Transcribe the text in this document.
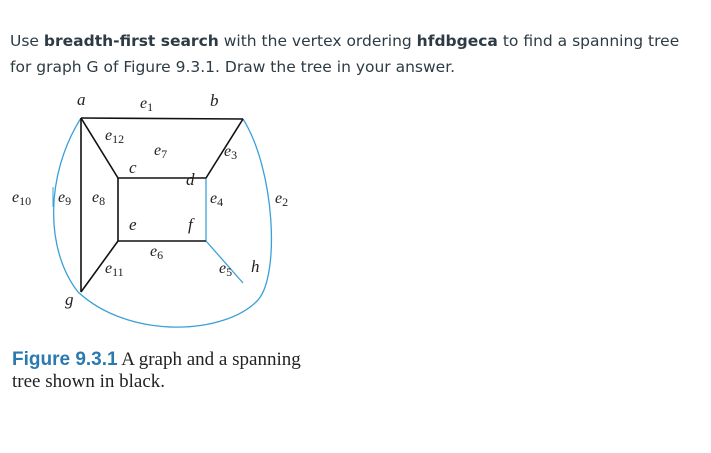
Use breadth-first search with the vertex ordering hfdbgeca to find a spanning tree for graph G of Figure 9.3.1. Draw the tree in your answer.
a	b
c
d
e	f
g
h
e1
e12
e7	e3
e10 e9 e8	e4	e2
e6
e11	e5
Figure 9.3.1 A graph and a spanning tree shown in black.
